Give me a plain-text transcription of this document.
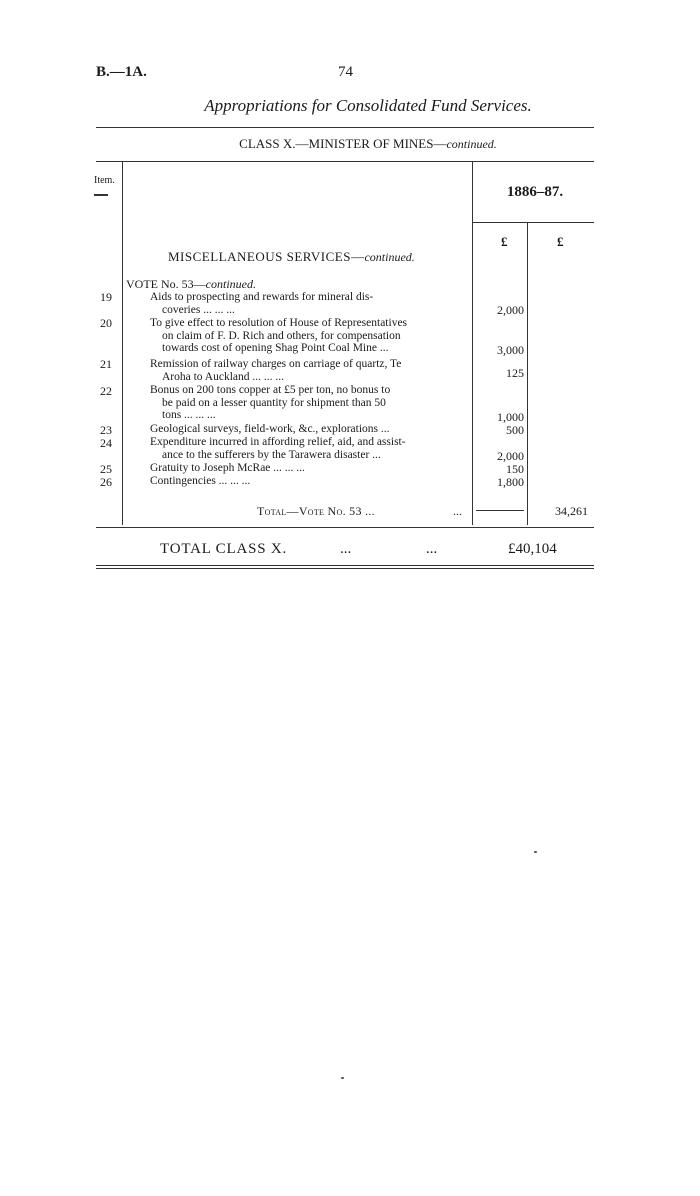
B.—1A.	74
Appropriations for Consolidated Fund Services.
CLASS X.—MINISTER OF MINES—continued.
Item.
1886–87.
£	£
MISCELLANEOUS SERVICES—continued.
VOTE No. 53—continued.
19	Aids to prospecting and rewards for mineral dis-
coveries ... ... ...	2,000
20	To give effect to resolution of House of Representatives
on claim of F. D. Rich and others, for compensation
towards cost of opening Shag Point Coal Mine ...	3,000
21	Remission of railway charges on carriage of quartz, Te
Aroha to Auckland ... ... ...	125
22	Bonus on 200 tons copper at £5 per ton, no bonus to
be paid on a lesser quantity for shipment than 50
tons ... ... ...	1,000
23	Geological surveys, field-work, &c., explorations ...	500
24	Expenditure incurred in affording relief, aid, and assist-
ance to the sufferers by the Tarawera disaster ...	2,000
25	Gratuity to Joseph McRae ... ... ...	150
26	Contingencies ... ... ...	1,800
Total—Vote No. 53 ...	...	34,261
TOTAL CLASS X.	...	...	£40,104
